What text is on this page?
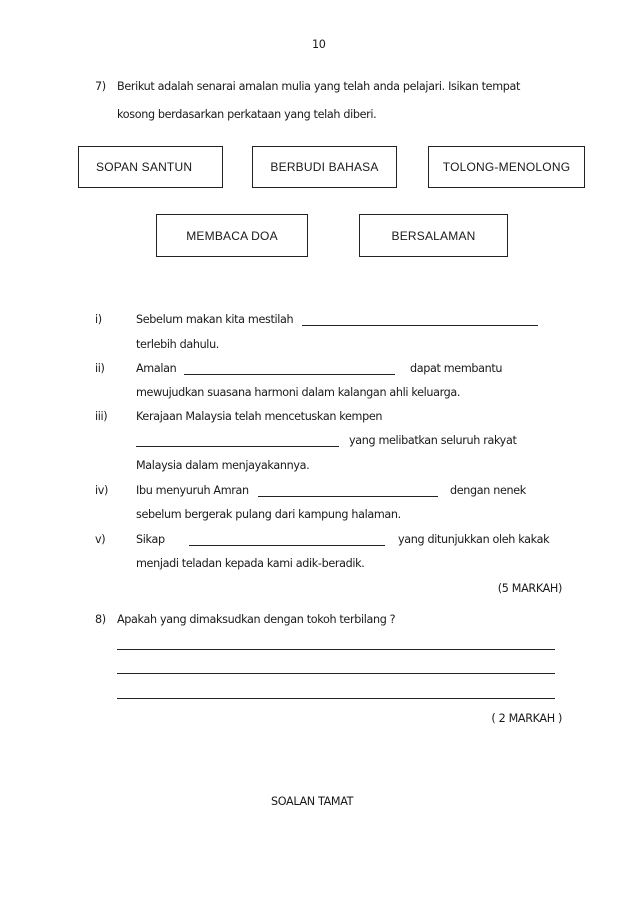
10
7) Berikut adalah senarai amalan mulia yang telah anda pelajari. Isikan tempat
kosong berdasarkan perkataan yang telah diberi.
SOPAN SANTUN	BERBUDI BAHASA	TOLONG-MENOLONG
MEMBACA DOA	BERSALAMAN
i)	Sebelum makan kita mestilah
terlebih dahulu.
ii)	Amalan	dapat membantu
mewujudkan suasana harmoni dalam kalangan ahli keluarga.
iii)	Kerajaan Malaysia telah mencetuskan kempen
yang melibatkan seluruh rakyat
Malaysia dalam menjayakannya.
iv) Ibu menyuruh Amran	dengan nenek
sebelum bergerak pulang dari kampung halaman.
v)	Sikap	yang ditunjukkan oleh kakak
menjadi teladan kepada kami adik-beradik.
(5 MARKAH)
8) Apakah yang dimaksudkan dengan tokoh terbilang ?
( 2 MARKAH )
SOALAN TAMAT
